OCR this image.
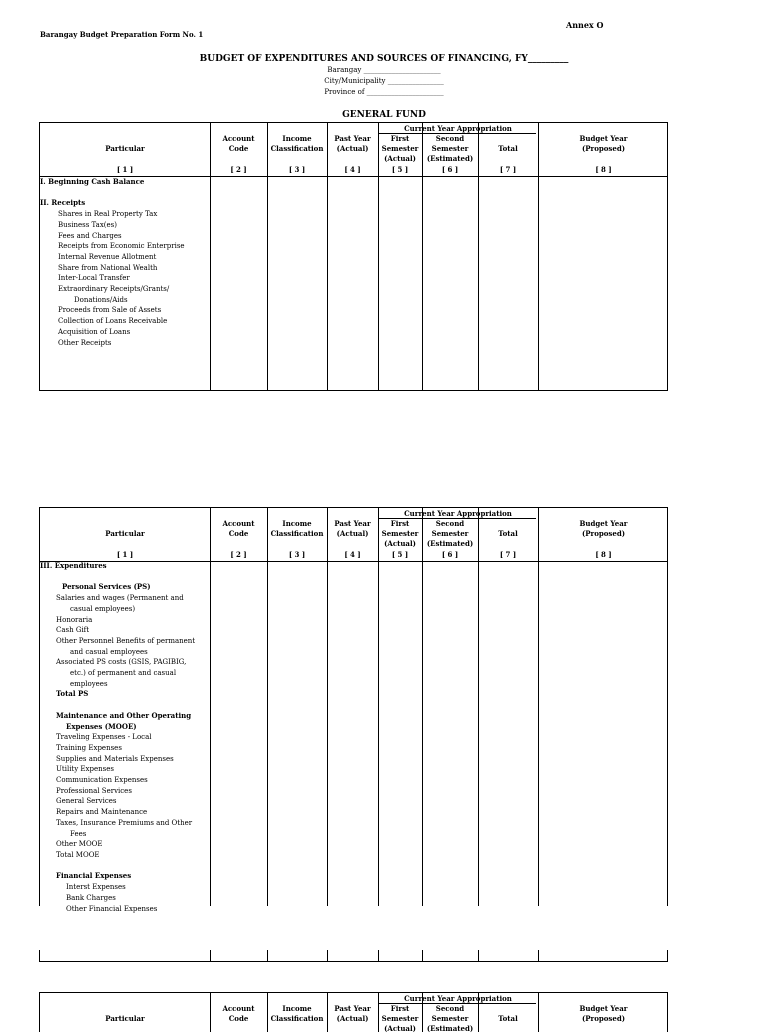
Annex O
Barangay Budget Preparation Form No. 1
BUDGET OF EXPENDITURES AND SOURCES OF FINANCING, FY_________
Barangay ______________________
City/Municipality ________________
Province of ______________________
GENERAL FUND
Current Year Appropriation
Particular
[ 1 ]
Account
Code
[ 2 ]
Income
Classification
[ 3 ]
Past Year
(Actual)
[ 4 ]
First
Semester
(Actual)
[ 5 ]
Second
Semester
(Estimated)
[ 6 ]
Total
[ 7 ]
Budget Year
(Proposed)
[ 8 ]
I. Beginning Cash Balance

II. Receipts
Shares in Real Property Tax
Business Tax(es)
Fees and Charges
Receipts from Economic Enterprise
Internal Revenue Allotment
Share from National Wealth
Inter-Local Transfer
Extraordinary Receipts/Grants/
Donations/Aids
Proceeds from Sale of Assets
Collection of Loans Receivable
Acquisition of Loans
Other Receipts
Current Year Appropriation
Particular
[ 1 ]
Account
Code
[ 2 ]
Income
Classification
[ 3 ]
Past Year
(Actual)
[ 4 ]
First
Semester
(Actual)
[ 5 ]
Second
Semester
(Estimated)
[ 6 ]
Total
[ 7 ]
Budget Year
(Proposed)
[ 8 ]
III. Expenditures

Personal Services (PS)
Salaries and wages (Permanent and
casual employees)
Honoraria
Cash Gift
Other Personnel Benefits of permanent
and casual employees
Associated PS costs (GSIS, PAGIBIG,
etc.) of permanent and casual
employees
Total PS

Maintenance and Other Operating
Expenses (MOOE)
Traveling Expenses - Local
Training Expenses
Supplies and Materials Expenses
Utility Expenses
Communication Expenses
Professional Services
General Services
Repairs and Maintenance
Taxes, Insurance Premiums and Other
Fees
Other MOOE
Total MOOE

Financial Expenses
Interst Expenses
Bank Charges
Other Financial Expenses
Current Year Appropriation
Particular
Account
Code
Income
Classification
Past Year
(Actual)
First
Semester
(Actual)
Second
Semester
(Estimated)
Total
Budget Year
(Proposed)
